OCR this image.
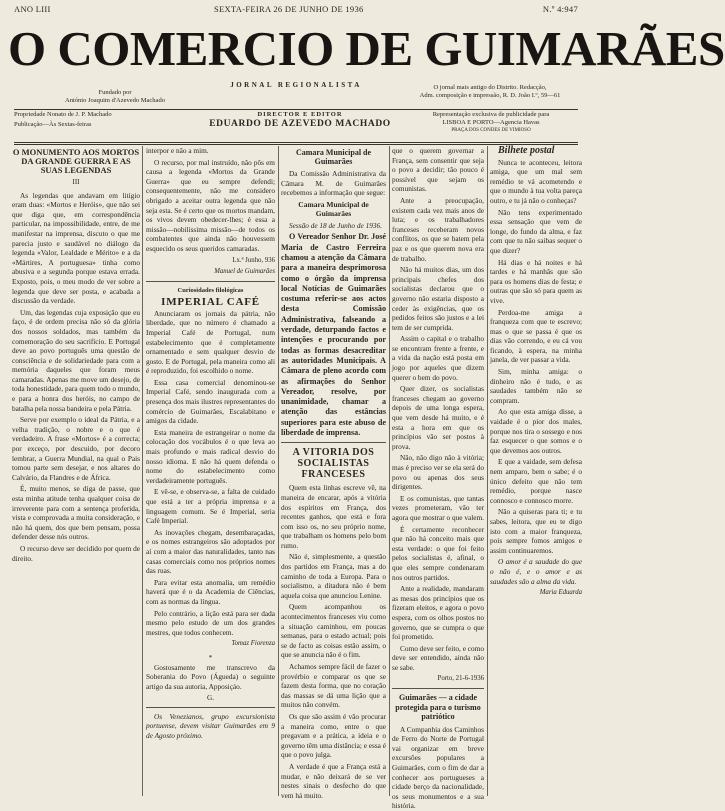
ANO LIII	SEXTA-FEIRA 26 DE JUNHO DE 1936	N.º 4:947
O COMERCIO DE GUIMARÃES
JORNAL REGIONALISTA
Fundado por
António Joaquim d'Azevedo Machado
O jornal mais antigo do Distrito. Redacção,
Adm. composição e impressão, R. D. João I.º, 59—61
Propriedade Nonato de J. P. Machado
Publicação—Às Sextas-feiras
DIRECTOR E EDITOR
EDUARDO DE AZEVEDO MACHADO
Representação exclusiva de publicidade para
LISBOA E PORTO—Agencia Havas
PRAÇA DOS CONDES DE VIMIOSO
O MONUMENTO AOS MORTOS DA GRANDE GUERRA E AS SUAS LEGENDAS
III

As legendas que andavam em litígio eram duas: «Mortos e Heróis», que não sei que diga que, em correspondência particular, na impossibilidade, entre, de me manifestar na imprensa, discuto o que me parecia justo e saudável no diálogo da legenda «Valor, Lealdade e Mérito» e a da «Mártires, A portuguesa» tinha como abusiva e a segunda porque estava errada. Exposto, pois, o meu modo de ver sobre a legenda que deve ser posta, e acabada a discussão da verdade.

Um, das legendas cuja exposição que eu faço, é de ordem precisa não só da glória dos nossos soldados, mas também da comemoração do seu sacrifício. E Portugal deve ao povo português uma questão de consciência e de solidariedade para com a memória daqueles que foram meus camaradas. Apenas me move um desejo, de toda honestidade, para quem todo o mundo, e para a honra dos heróis, no campo de batalha pela nossa bandeira e pela Pátria.

Serve por exemplo o ideal da Pátria, e a velha tradição, o nobre e o que é verdadeiro. A frase «Mortos» é a correcta; por exceço, por descuido, por decoro lembrar, a Guerra Mundial, na qual o Pais tomou parte sem desejar, e nos altares do Calvário, da Flandres e de África.

É, muito menos, se diga de passe, que esta minha atitude tenha qualquer coisa de irreverente para com a sentença proferida, vista e comprovada a muita consideração, e não há quem, dos que bem pensam, possa defender desse nós outros.

O recurso deve ser decidido por quem de direito.

interpor e não a mim.

O recurso, por mal instruído, não pôs em causa a legenda «Mortos da Grande Guerra» que eu sempre defendi; consequentemente, não me considero obrigado a aceitar outra legenda que não seja esta. Se é certo que os mortos mandam, os vivos devem obedecer-lhes; é essa a missão—nobilíssima missão—de todos os combatentes que ainda não houvessem esquecido os seus queridos camaradas.

Lx.ª Junho, 936
Manuel de Guimarães
Curiosidades filológicas
IMPERIAL CAFÉ

Anunciaram os jornais da pátria, não liberdade, que no número é chamado a Imperial Café de Portugal, num estabelecimento que é completamente ornamentado e sem qualquer desvio de gosto. E de Portugal, pela maneira como ali é reproduzido, foi escolhido o nome.

Essa casa comercial denominou-se Imperial Café, sendo inaugurada com a presença dos mais ilustres representantes do comércio de Guimarães, Escalabitano e amigos da cidade.

Esta maneira de estrangeirar o nome da colocação dos vocábulos é o que leva ao mais profundo e mais radical desvio do nosso idioma. E não há quem defenda o nome do estabelecimento como verdadeiramente português.

E vê-se, e observa-se, a falta de cuidado que está a ter a própria imprensa e a linguagem comum. Se é Imperial, seria Café Imperial.

As inovações chegam, desembaraçadas, e os nomes estrangeiros são adoptados por aí com a maior das naturalidades, tanto nas casas comerciais como nos próprios nomes das ruas.

Para evitar esta anomalia, um remédio haverá que é o da Academia de Ciências, com as normas da língua.

Pelo contrário, a lição está para ser dada mesmo pelo estudo de um dos grandes mestres, que todos conhecem.

Tomaz Fiorenza
*

Gostosamente me transcrevo da Soberania do Povo (Águeda) o seguinte artigo da sua autoria, Apposiçáo.

G.

Os Venezianos, grupo excursionista portuense, devem visitar Guimarães em 9 de Agosto próximo.

Camara Municipal de Guimarães

Da Comissão Administrativa da Câmara M. de Guimarães recebemos a informação que segue:

Camara Municipal de Guimarães

Sessão de 18 de Junho de 1936.

O Vereador Senhor Dr. José Maria de Castro Ferreira chamou a atenção da Câmara para a maneira desprimorosa como o órgão da imprensa local Notícias de Guimarães costuma referir-se aos actos desta Comissão Administrativa, falseando a verdade, deturpando factos e intenções e procurando por todas as formas desacreditar as autoridades Municipais. A Câmara de pleno acordo com as afirmações do Senhor Vereador, resolve, por unanimidade, chamar a atenção das estâncias superiores para este abuso de liberdade de imprensa.

A VITORIA DOS SOCIALISTAS FRANCESES

Quem esta linhas escreve vê, na maneira de encarar, após a vitória dos espíritos em França, dos recentes ganhos, que está e fora com isso os, no seu próprio nome, que trabalham os homens pelo bom rumo.

Não é, simplesmente, a questão dos partidos em França, mas a do caminho de toda a Europa. Para o socialismo, a ditadura não é bem aquela coisa que anunciou Lenine.

Quem acompanhou os acontecimentos franceses viu como a situação caminhou, em poucas semanas, para o estado actual; pois se de facto as coisas estão assim, o que se anuncia não é o fim.

Achamos sempre fácil de fazer o provérbio e comparar os que se fazem desta forma, que no coração das massas se dá uma lição que a muitos não convém.

Os que são assim é vão procurar a maneira como, entre o que pregavam e a prática, a ideia e o governo têm uma distância; e essa é que o povo julga.

A verdade é que a França está a mudar, e não deixará de se ver nestes sinais o desfecho do que vem há muito.

que o querem governar a França, sem consentir que seja o povo a decidir; tão pouco é possível que sejam os comunistas.

Ante a preocupação, existem cada vez mais anos de luta; e os trabalhadores franceses receberam novos conflitos, os que se batem pela paz e os que querem nova era de trabalho.

Não há muitos dias, um dos principais chefes dos socialistas declarou que o governo não estaria disposto a ceder às exigências, que os pedidos feitos são justos e a lei tem de ser cumprida.

Assim o capital e o trabalho se encontram frente a frente, e a vida da nação está posta em jogo por aqueles que dizem querer o bem do povo.

Quer dizer, os socialistas franceses chegam ao governo depois de uma longa espera, que vem desde há muito, e é esta a hora em que os princípios vão ser postos à prova.

Não, não digo não à vitória; mas é preciso ver se ela será do povo ou apenas dos seus dirigentes.

E os comunistas, que tantas vezes prometeram, vão ter agora que mostrar o que valem.

É certamente reconhecer que não há conceito mais que esta verdade: o que foi feito pelos socialistas é, afinal, o que eles sempre condenaram nos outros partidos.

Ante a realidade, mandaram as mesas dos princípios que os fizeram eleitos, e agora o povo espera, com os olhos postos no governo, que se cumpra o que foi prometido.

Como deve ser feito, e como deve ser entendido, ainda não se sabe.

Porto, 21-6-1936
Guimarães — a cidade protegida para o turismo patriótico

A Companhia dos Caminhos de Ferro do Norte de Portugal vai organizar em breve excursões populares a Guimarães, com o fim de dar a conhecer aos portugueses a cidade berço da nacionalidade, os seus monumentos e a sua história.

Bilhete postal

Nunca te aconteceu, leitora amiga, que um mal sem remédio te vá acometendo e que o mundo à tua volta pareça outro, e tu já não o conheças?

Não tens experimentado essa sensação que vem de longe, do fundo da alma, e faz com que tu não saibas sequer o que dizer?

Há dias e há noites e há tardes e há manhãs que são para os homens dias de festa; e outras que são só para quem as vive.

Perdoa-me amiga a franqueza com que te escrevo; mas o que se passa é que os dias vão correndo, e eu cá vou ficando, à espera, na minha janela, de ver passar a vida.

Sim, minha amiga: o dinheiro não é tudo, e as saudades também não se compram.

Ao que esta amiga disse, a vaidade é o pior dos males, porque nos tira o sossego e nos faz esquecer o que somos e o que devemos aos outros.

E que a vaidade, sem defesa nem amparo, bem o sabe; é o único defeito que não tem remédio, porque nasce connosco e connosco morre.

Não a quiseras para ti; e tu sabes, leitora, que eu te digo isto com a maior franqueza, pois sempre fomos amigos e assim continuaremos.

O amor é a saudade do que o não é, e o amor e as saudades são a alma da vida.

Maria Eduarda
